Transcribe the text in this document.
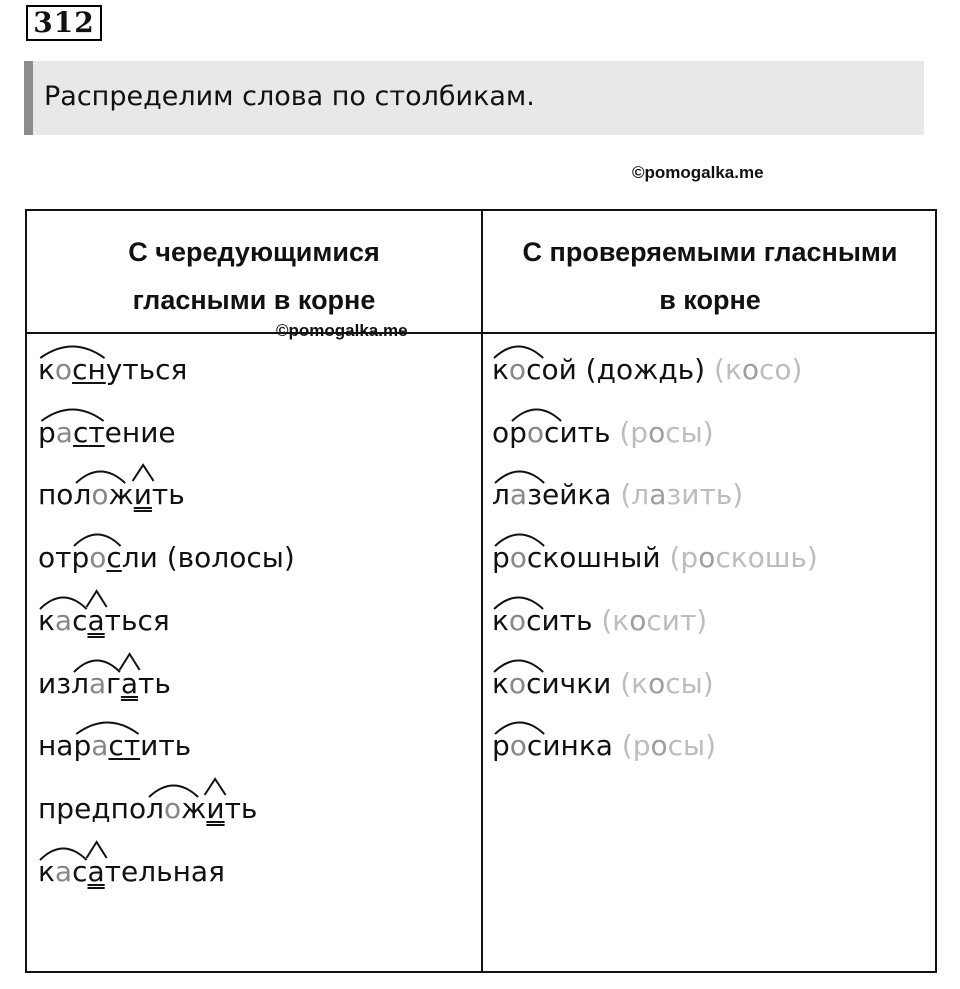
312
Распределим слова по столбикам.
©pomogalka.me
С чередующимися
гласными в корне
С проверяемыми гласными
в корне
©pomogalka.me
коснуться
растение
положить
отросли (волосы)
касаться
излагать
нарастить
предположить
касательная
косой (дождь) (косо)
оросить (росы)
лазейка (лазить)
роскошный (роскошь)
косить (косит)
косички (косы)
росинка (росы)
